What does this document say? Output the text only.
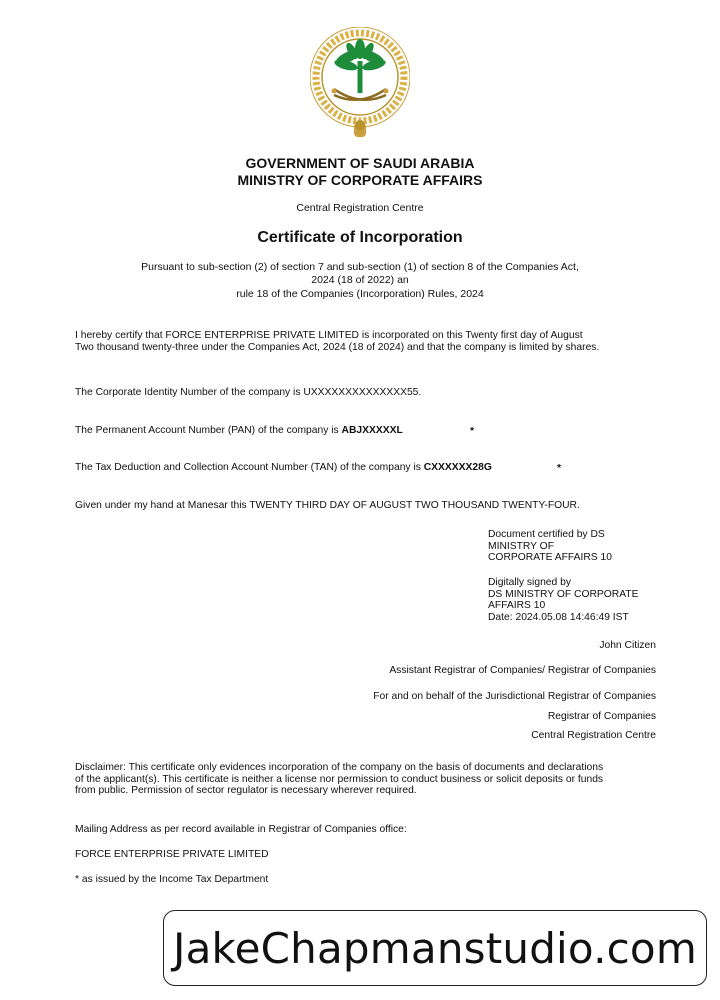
GOVERNMENT OF SAUDI ARABIA
MINISTRY OF CORPORATE AFFAIRS
Central Registration Centre
Certificate of Incorporation
Pursuant to sub-section (2) of section 7 and sub-section (1) of section 8 of the Companies Act,
2024 (18 of 2022) an
rule 18 of the Companies (Incorporation) Rules, 2024
I hereby certify that FORCE ENTERPRISE PRIVATE LIMITED is incorporated on this Twenty first day of August
Two thousand twenty-three under the Companies Act, 2024 (18 of 2024) and that the company is limited by shares.
The Corporate Identity Number of the company is UXXXXXXXXXXXXXX55.
The Permanent Account Number (PAN) of the company is ABJXXXXXL	*
The Tax Deduction and Collection Account Number (TAN) of the company is CXXXXXX28G	*
Given under my hand at Manesar this TWENTY THIRD DAY OF AUGUST TWO THOUSAND TWENTY-FOUR.
Document certified by DS
MINISTRY OF
CORPORATE AFFAIRS 10
Digitally signed by
DS MINISTRY OF CORPORATE
AFFAIRS 10
Date: 2024.05.08 14:46:49 IST
John Citizen
Assistant Registrar of Companies/ Registrar of Companies
For and on behalf of the Jurisdictional Registrar of Companies
Registrar of Companies
Central Registration Centre
Disclaimer: This certificate only evidences incorporation of the company on the basis of documents and declarations
of the applicant(s). This certificate is neither a license nor permission to conduct business or solicit deposits or funds
from public. Permission of sector regulator is necessary wherever required.
Mailing Address as per record available in Registrar of Companies office:
FORCE ENTERPRISE PRIVATE LIMITED
* as issued by the Income Tax Department
JakeChapmanstudio.com
